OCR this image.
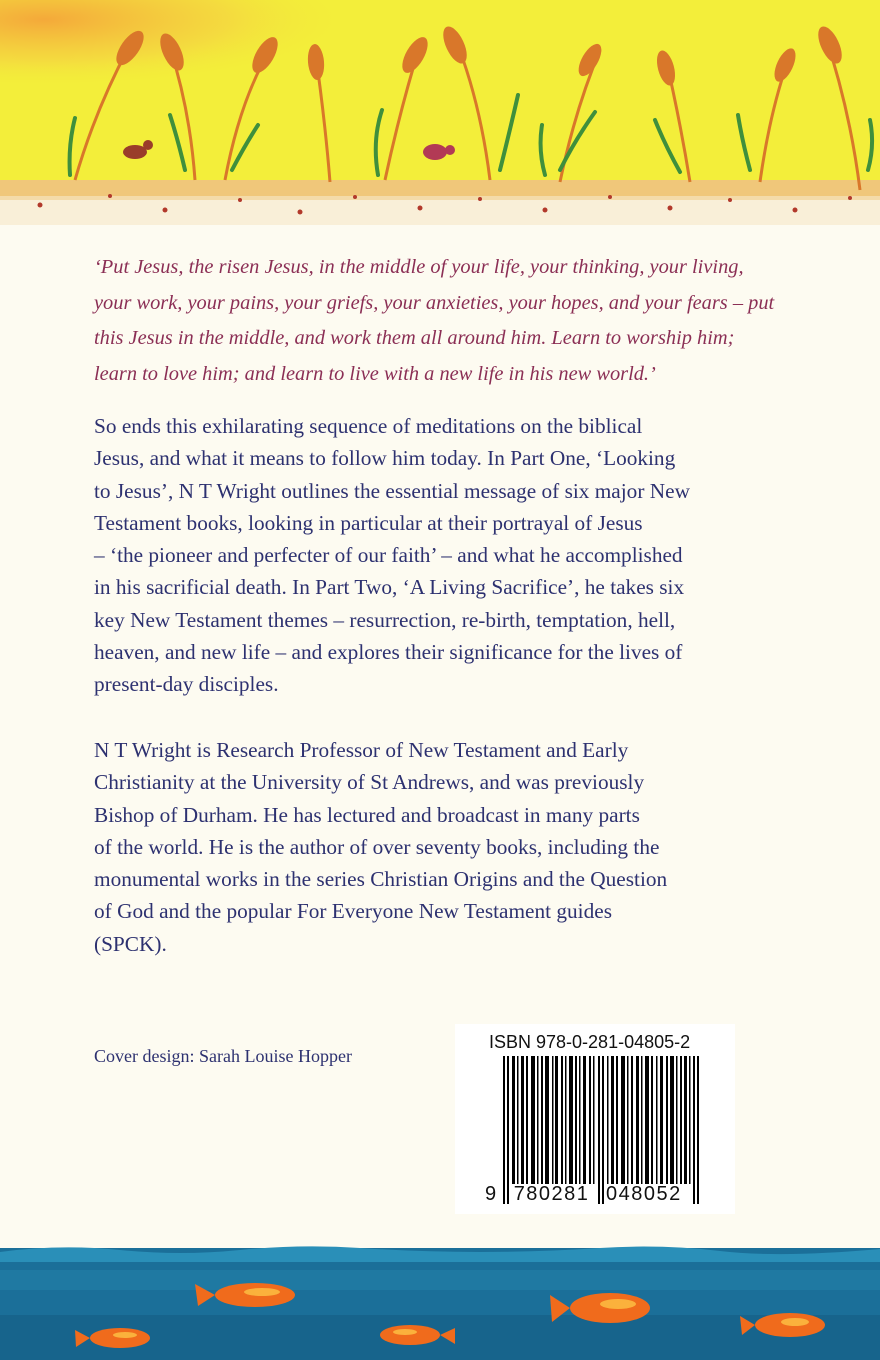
‘Put Jesus, the risen Jesus, in the middle of your life, your thinking, your living,
your work, your pains, your griefs, your anxieties, your hopes, and your fears – put
this Jesus in the middle, and work them all around him. Learn to worship him;
learn to love him; and learn to live with a new life in his new world.’
So ends this exhilarating sequence of meditations on the biblical
Jesus, and what it means to follow him today. In Part One, ‘Looking
to Jesus’, N T Wright outlines the essential message of six major New
Testament books, looking in particular at their portrayal of Jesus
– ‘the pioneer and perfecter of our faith’ – and what he accomplished
in his sacrificial death. In Part Two, ‘A Living Sacrifice’, he takes six
key New Testament themes – resurrection, re-birth, temptation, hell,
heaven, and new life – and explores their significance for the lives of
present-day disciples.
N T Wright is Research Professor of New Testament and Early
Christianity at the University of St Andrews, and was previously
Bishop of Durham. He has lectured and broadcast in many parts
of the world. He is the author of over seventy books, including the
monumental works in the series Christian Origins and the Question
of God and the popular For Everyone New Testament guides
(SPCK).
Cover design: Sarah Louise Hopper
ISBN 978-0-281-04805-2
9 780281 048052
